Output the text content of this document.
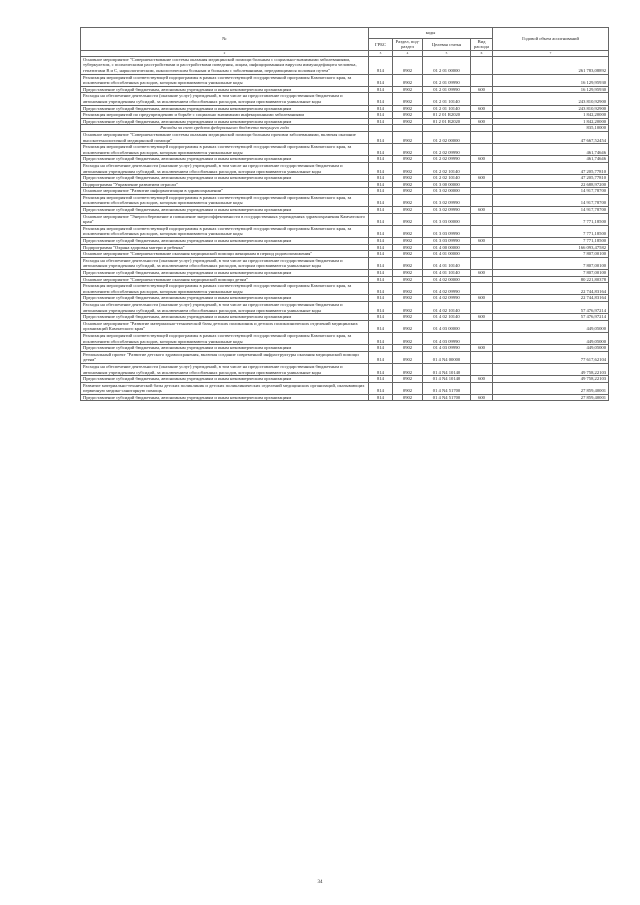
№	коды				Годовой объем ассигнований
	ГРБС	Раздел, под-раздел	Целевая статья	Вид расхода	
2	3	4	5	6	7
Основное мероприятие "Совершенствование системы оказания медицинской помощи больным с социально-значимыми заболеваниями, туберкулезом, с психическими расстройствами и расстройствами поведения, лицам, инфицированным вирусом иммунодефицита человека, гепатитами B и С, наркологическим, онкологическим больным и больным с заболеваниями, передающимися половым путем"	814	0902	01 2 01 00000		261 783,08892
Реализация мероприятий соответствующей подпрограммы в рамках соответствующей государственной программы Камчатского края, за исключением обособленных расходов, которым присваиваются уникальные коды	814	0902	01 2 01 09990		16 129,95930
Предоставление субсидий бюджетным, автономным учреждениям и иным некоммерческим организациям	814	0902	01 2 01 09990	600	16 129,95930
Расходы на обеспечение деятельности (оказание услуг) учреждений, в том числе на предоставление государственным бюджетным и автономным учреждениям субсидий, за исключением обособленных расходов, которым присваиваются уникальные коды	814	0902	01 2 01 10140		243 810,92900
Предоставление субсидий бюджетным, автономным учреждениям и иным некоммерческим организациям	814	0902	01 2 01 10140	600	243 810,92900
Реализация мероприятий по предупреждению и борьбе с социально значимыми инфекционными заболеваниями	814	0902	01 2 01 R2020		1 842,20000
Предоставление субсидий бюджетным, автономным учреждениям и иным некоммерческим организациям	814	0902	01 2 01 R2020	600	1 842,20000
Расходы за счет средств федерального бюджета текущего года					835,10000
Основное мероприятие "Совершенствование системы оказания медицинской помощи больным прочими заболеваниями, включая оказание высокотехнологичной медицинской помощи"	814	0902	01 2 02 00000		47 667,52454
Реализация мероприятий соответствующей подпрограммы в рамках соответствующей государственной программы Камчатского края, за исключением обособленных расходов, которым присваиваются уникальные коды	814	0902	01 2 02 09990		461,74646
Предоставление субсидий бюджетным, автономным учреждениям и иным некоммерческим организациям	814	0902	01 2 02 09990	600	461,74646
Расходы на обеспечение деятельности (оказание услуг) учреждений, в том числе на предоставление государственным бюджетным и автономным учреждениям субсидий, за исключением обособленных расходов, которым присваиваются уникальные коды	814	0902	01 2 02 10140		47 205,77810
Предоставление субсидий бюджетным, автономным учреждениям и иным некоммерческим организациям	814	0902	01 2 02 10140	600	47 205,77810
Подпрограмма "Управление развитием отрасли"	814	0902	01 3 00 00000		22 688,97200
Основное мероприятие "Развитие информатизации в здравоохранении"	814	0902	01 3 02 00000		14 917,78700
Реализация мероприятий соответствующей подпрограммы в рамках соответствующей государственной программы Камчатского края, за исключением обособленных расходов, которым присваиваются уникальные коды	814	0902	01 3 02 09990		14 917,78700
Предоставление субсидий бюджетным, автономным учреждениям и иным некоммерческим организациям	814	0902	01 3 02 09990	600	14 917,78700
Основное мероприятие "Энергосбережение и повышение энергоэффективности в государственных учреждениях здравоохранения Камчатского края"	814	0902	01 3 03 00000		7 771,18500
Реализация мероприятий соответствующей подпрограммы в рамках соответствующей государственной программы Камчатского края, за исключением обособленных расходов, которым присваиваются уникальные коды	814	0902	01 3 03 09990		7 771,18500
Предоставление субсидий бюджетным, автономным учреждениям и иным некоммерческим организациям	814	0902	01 3 03 09990	600	7 771,18500
Подпрограмма "Охрана здоровья матери и ребенка"	814	0902	01 4 00 00000		166 093,47582
Основное мероприятие "Совершенствование оказания медицинской помощи женщинам в период родовспоможения"	814	0902	01 4 01 00000		7 807,00100
Расходы на обеспечение деятельности (оказание услуг) учреждений, в том числе на предоставление государственным бюджетным и автономным учреждениям субсидий, за исключением обособленных расходов, которым присваиваются уникальные коды	814	0902	01 4 01 10140		7 807,00100
Предоставление субсидий бюджетным, автономным учреждениям и иным некоммерческим организациям	814	0902	01 4 01 10140	600	7 807,00100
Основное мероприятие "Совершенствование оказания медицинской помощи детям"	814	0902	01 4 02 00000		80 221,80378
Реализация мероприятий соответствующей подпрограммы в рамках соответствующей государственной программы Камчатского края, за исключением обособленных расходов, которым присваиваются уникальные коды	814	0902	01 4 02 09990		22 744,83164
Предоставление субсидий бюджетным, автономным учреждениям и иным некоммерческим организациям	814	0902	01 4 02 09990	600	22 744,83164
Расходы на обеспечение деятельности (оказание услуг) учреждений, в том числе на предоставление государственным бюджетным и автономным учреждениям субсидий, за исключением обособленных расходов, которым присваиваются уникальные коды	814	0902	01 4 02 10140		57 476,97214
Предоставление субсидий бюджетным, автономным учреждениям и иным некоммерческим организациям	814	0902	01 4 02 10140	600	57 476,97214
Основное мероприятие "Развитие материально-технической базы детских поликлиник и детских поликлинических отделений медицинских организаций Камчатского края"	814	0902	01 4 03 00000		449,05000
Реализация мероприятий соответствующей подпрограммы в рамках соответствующей государственной программы Камчатского края, за исключением обособленных расходов, которым присваиваются уникальные коды	814	0902	01 4 03 09990		449,05000
Предоставление субсидий бюджетным, автономным учреждениям и иным некоммерческим организациям	814	0902	01 4 03 09990	600	449,05000
Региональный проект "Развитие детского здравоохранения, включая создание современной инфраструктуры оказания медицинской помощи детям"	814	0902	01 4 N4 00000		77 617,62104
Расходы на обеспечение деятельности (оказание услуг) учреждений, в том числе на предоставление государственным бюджетным и автономным учреждениям субсидий, за исключением обособленных расходов, которым присваиваются уникальные коды	814	0902	01 4 N4 10140		49 758,22103
Предоставление субсидий бюджетным, автономным учреждениям и иным некоммерческим организациям	814	0902	01 4 N4 10140	600	49 758,22103
Развитие материально-технической базы детских поликлиник и детских поликлинических отделений медицинских организаций, оказывающих первичную медико-санитарную помощь	814	0902	01 4 N4 51700		27 859,40001
Предоставление субсидий бюджетным, автономным учреждениям и иным некоммерческим организациям	814	0902	01 4 N4 51700	600	27 859,40001
34
